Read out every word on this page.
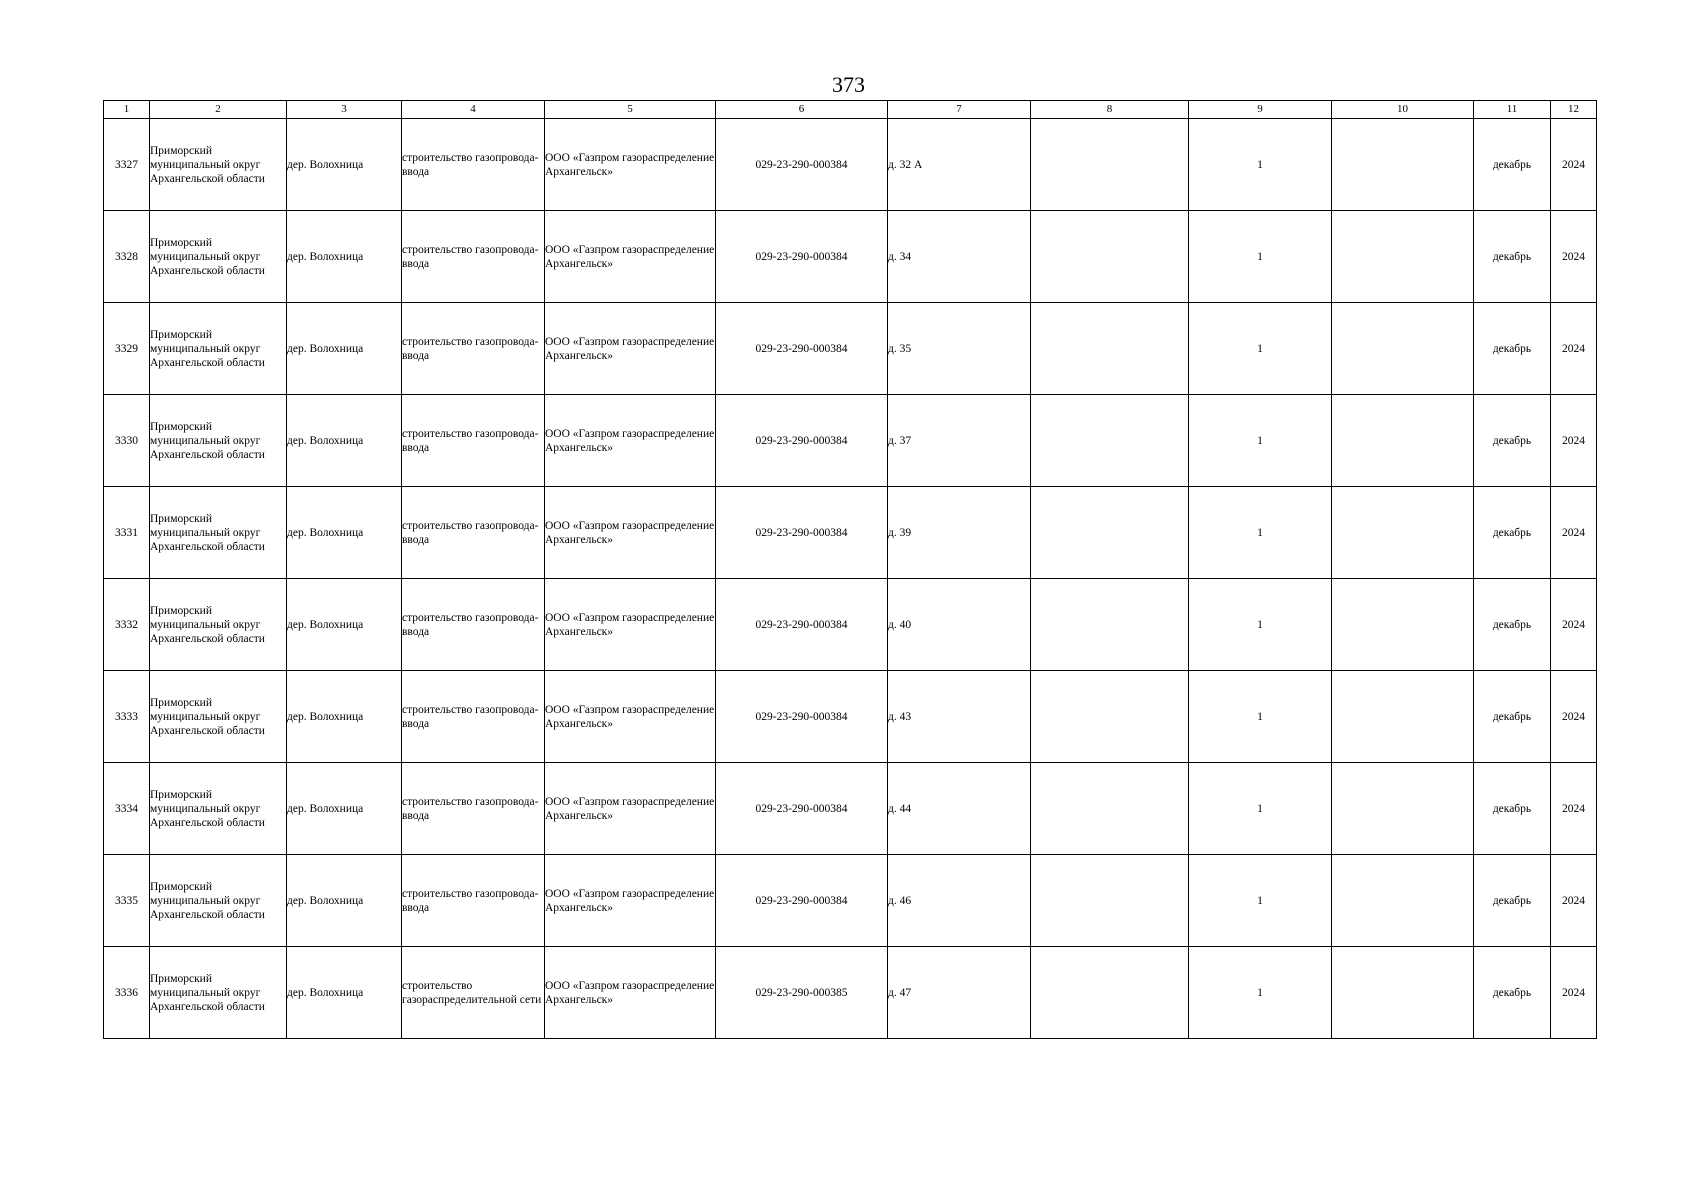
373
1	2	3	4	5	6	7	8	9	10	11	12
3327	Приморский муниципальный округ Архангельской области	дер. Волохница	строительство газопровода-ввода	ООО «Газпром газораспределение Архангельск»	029-23-290-000384	д. 32 А		1		декабрь	2024
3328	Приморский муниципальный округ Архангельской области	дер. Волохница	строительство газопровода-ввода	ООО «Газпром газораспределение Архангельск»	029-23-290-000384	д. 34		1		декабрь	2024
3329	Приморский муниципальный округ Архангельской области	дер. Волохница	строительство газопровода-ввода	ООО «Газпром газораспределение Архангельск»	029-23-290-000384	д. 35		1		декабрь	2024
3330	Приморский муниципальный округ Архангельской области	дер. Волохница	строительство газопровода-ввода	ООО «Газпром газораспределение Архангельск»	029-23-290-000384	д. 37		1		декабрь	2024
3331	Приморский муниципальный округ Архангельской области	дер. Волохница	строительство газопровода-ввода	ООО «Газпром газораспределение Архангельск»	029-23-290-000384	д. 39		1		декабрь	2024
3332	Приморский муниципальный округ Архангельской области	дер. Волохница	строительство газопровода-ввода	ООО «Газпром газораспределение Архангельск»	029-23-290-000384	д. 40		1		декабрь	2024
3333	Приморский муниципальный округ Архангельской области	дер. Волохница	строительство газопровода-ввода	ООО «Газпром газораспределение Архангельск»	029-23-290-000384	д. 43		1		декабрь	2024
3334	Приморский муниципальный округ Архангельской области	дер. Волохница	строительство газопровода-ввода	ООО «Газпром газораспределение Архангельск»	029-23-290-000384	д. 44		1		декабрь	2024
3335	Приморский муниципальный округ Архангельской области	дер. Волохница	строительство газопровода-ввода	ООО «Газпром газораспределение Архангельск»	029-23-290-000384	д. 46		1		декабрь	2024
3336	Приморский муниципальный округ Архангельской области	дер. Волохница	строительство газораспределительной сети	ООО «Газпром газораспределение Архангельск»	029-23-290-000385	д. 47		1		декабрь	2024
